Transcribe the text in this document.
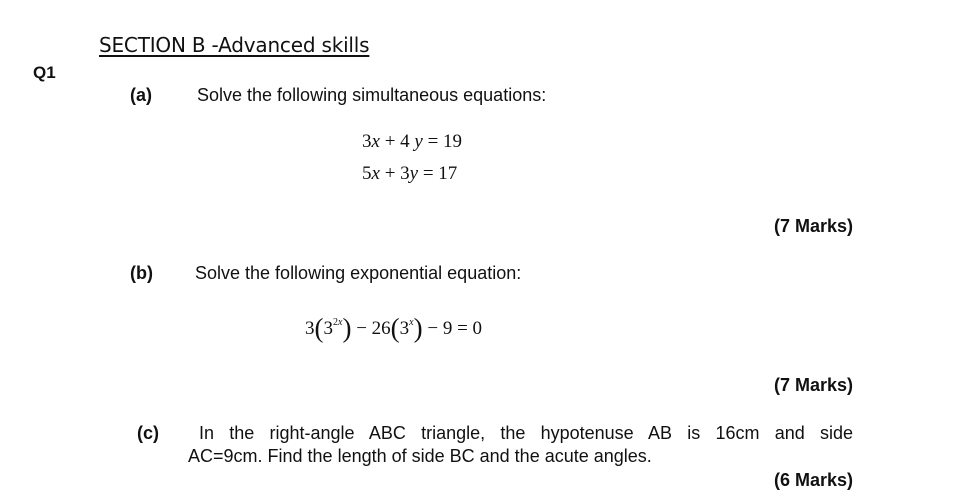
SECTION B -Advanced skills
Q1
(a)	Solve the following simultaneous equations:
3x + 4 y = 19
5x + 3y = 17
(7 Marks)
(b) Solve the following exponential equation:
$3(3^{2x}) - 26(3^x) - 9 = 0$
(7 Marks)
(c) In the right-angle ABC triangle, the hypotenuse AB is 16cm and side
AC=9cm. Find the length of side BC and the acute angles.
(6 Marks)
